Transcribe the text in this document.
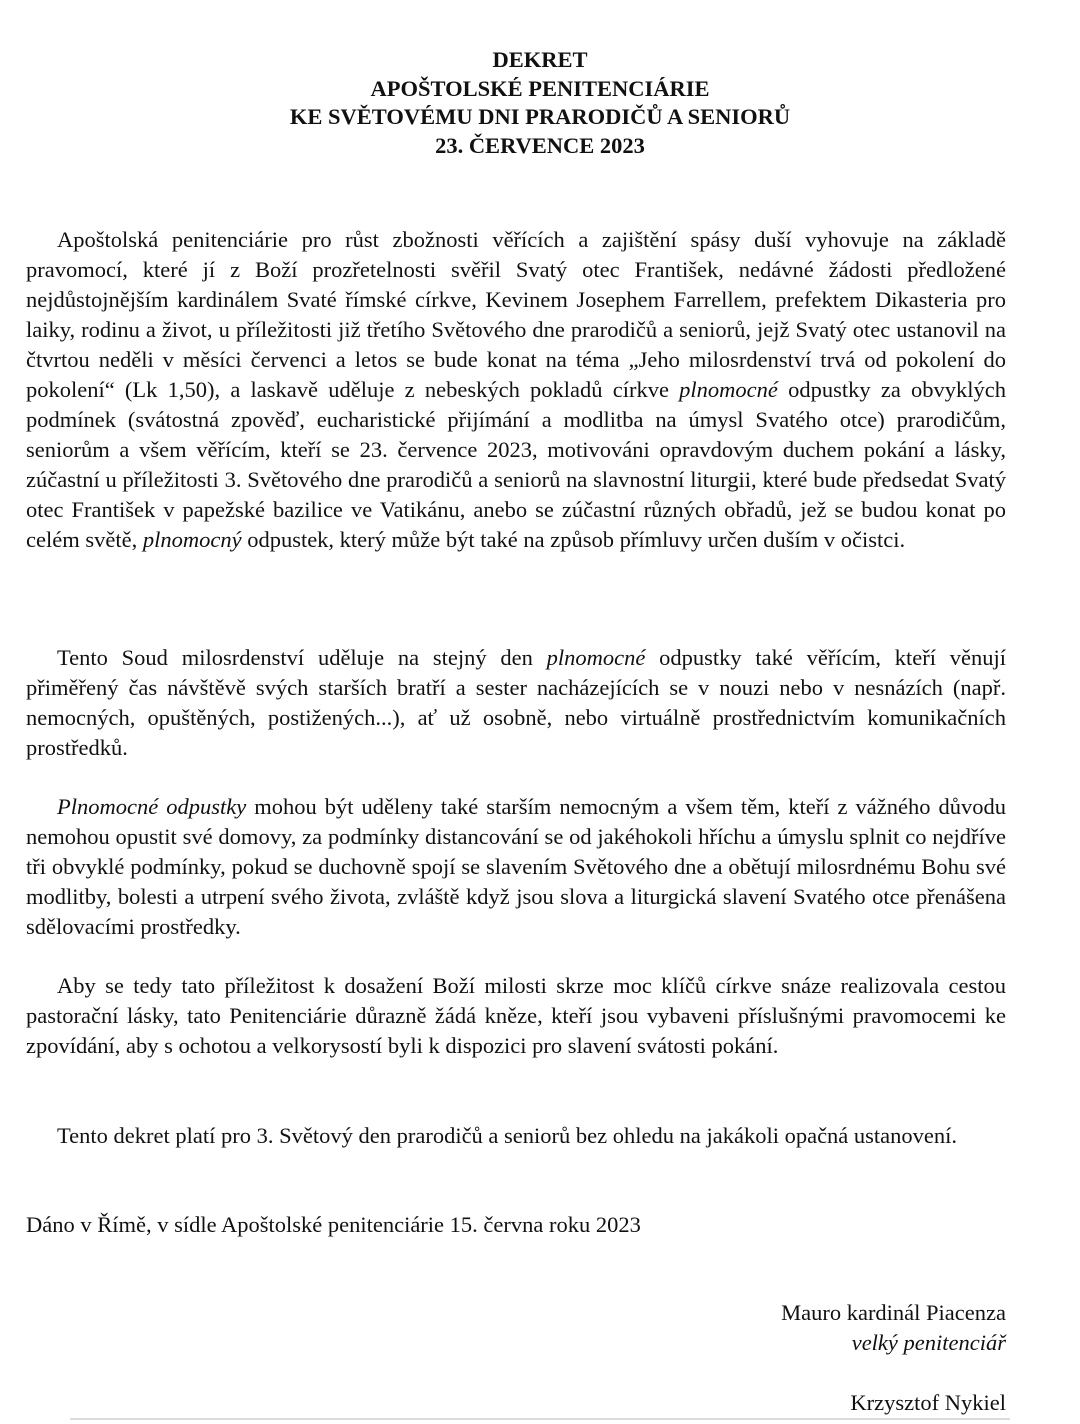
DEKRET
APOŠTOLSKÉ PENITENCIÁRIE
KE SVĚTOVÉMU DNI PRARODIČŮ A SENIORŮ
23. ČERVENCE 2023

Apoštolská penitenciárie pro růst zbožnosti věřících a zajištění spásy duší vyhovuje na základě pravomocí, které jí z Boží prozřetelnosti svěřil Svatý otec František, nedávné žádosti předložené nejdůstojnějším kardinálem Svaté římské církve, Kevinem Josephem Farrellem, prefektem Dikasteria pro laiky, rodinu a život, u příležitosti již třetího Světového dne prarodičů a seniorů, jejž Svatý otec ustanovil na čtvrtou neděli v měsíci červenci a letos se bude konat na téma „Jeho milosrdenství trvá od pokolení do pokolení“ (Lk 1,50), a laskavě uděluje z nebeských pokladů církve plnomocné odpustky za obvyklých podmínek (svátostná zpověď, eucharistické přijímání a modlitba na úmysl Svatého otce) prarodičům, seniorům a všem věřícím, kteří se 23. července 2023, motivováni opravdovým duchem pokání a lásky, zúčastní u příležitosti 3. Světového dne prarodičů a seniorů na slavnostní liturgii, které bude předsedat Svatý otec František v papežské bazilice ve Vatikánu, anebo se zúčastní různých obřadů, jež se budou konat po celém světě, plnomocný odpustek, který může být také na způsob přímluvy určen duším v očistci.

Tento Soud milosrdenství uděluje na stejný den plnomocné odpustky také věřícím, kteří věnují přiměřený čas návštěvě svých starších bratří a sester nacházejících se v nouzi nebo v nesnázích (např. nemocných, opuštěných, postižených...), ať už osobně, nebo virtuálně prostřednictvím komunikačních prostředků.

Plnomocné odpustky mohou být uděleny také starším nemocným a všem těm, kteří z vážného důvodu nemohou opustit své domovy, za podmínky distancování se od jakéhokoli hříchu a úmyslu splnit co nejdříve tři obvyklé podmínky, pokud se duchovně spojí se slavením Světového dne a obětují milosrdnému Bohu své modlitby, bolesti a utrpení svého života, zvláště když jsou slova a liturgická slavení Svatého otce přenášena sdělovacími prostředky.

Aby se tedy tato příležitost k dosažení Boží milosti skrze moc klíčů církve snáze realizovala cestou pastorační lásky, tato Penitenciárie důrazně žádá kněze, kteří jsou vybaveni příslušnými pravomocemi ke zpovídání, aby s ochotou a velkorysostí byli k dispozici pro slavení svátosti pokání.

Tento dekret platí pro 3. Světový den prarodičů a seniorů bez ohledu na jakákoli opačná ustanovení.

Dáno v Římě, v sídle Apoštolské penitenciárie 15. června roku 2023
Mauro kardinál Piacenza
velký penitenciář
Krzysztof Nykiel
